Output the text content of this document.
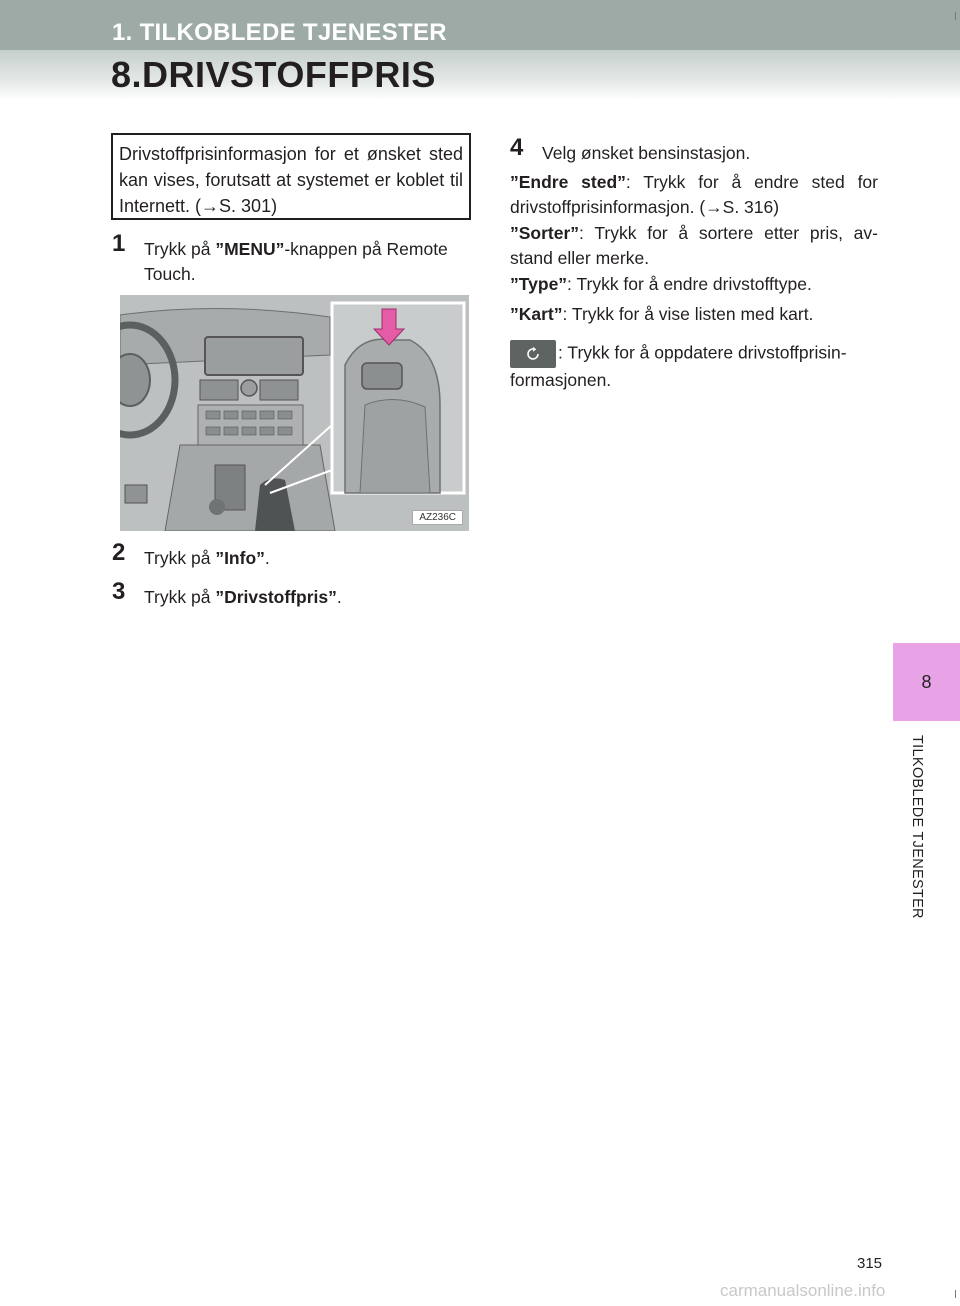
1. TILKOBLEDE TJENESTER
8.DRIVSTOFFPRIS
Drivstoffprisinformasjon for et ønsket sted kan vises, forutsatt at systemet er koblet til Internett. (→S. 301)
1	Trykk på ”MENU”-knappen på Remote Touch.
AZ236C
2	Trykk på ”Info”.
3	Trykk på ”Drivstoffpris”.
4	Velg ønsket bensinstasjon.

”Endre sted”: Trykk for å endre sted for drivstoffprisinformasjon. (→S. 316)

”Sorter”: Trykk for å sortere etter pris, av-stand eller merke.

”Type”: Trykk for å endre drivstofftype.

”Kart”: Trykk for å vise listen med kart.

: Trykk for å oppdatere drivstoffprisin-formasjonen.

8
TILKOBLEDE TJENESTER
315
carmanualsonline.info
